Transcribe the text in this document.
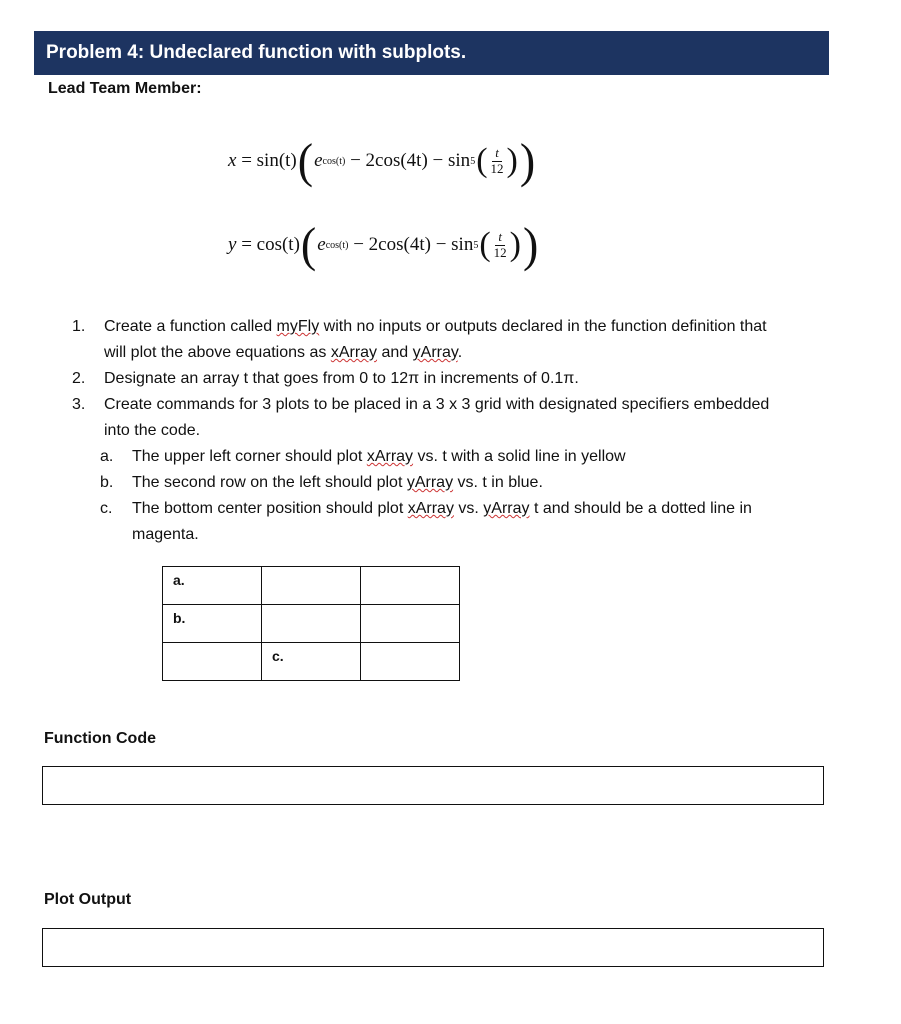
Problem 4: Undeclared function with subplots.
Lead Team Member:
x = sin(t) ( e cos(t)
− 2cos(4t) − sin 5 ( $\frac{t}{12}$ ) )
y = cos(t) ( e cos(t)
− 2cos(4t) − sin 5 ( $\frac{t}{12}$ ) )
1. Create a function called myFly with no inputs or outputs declared in the function definition that will plot the above equations as xArray and yArray.
2. Designate an array t that goes from 0 to 12π in increments of 0.1π.
3. Create commands for 3 plots to be placed in a 3 x 3 grid with designated specifiers embedded into the code.
a. The upper left corner should plot xArray vs. t with a solid line in yellow
b. The second row on the left should plot yArray vs. t in blue.
c. The bottom center position should plot xArray vs. yArray t and should be a dotted line in magenta.
a.		
b.		
	c.	
Function Code
Plot Output
